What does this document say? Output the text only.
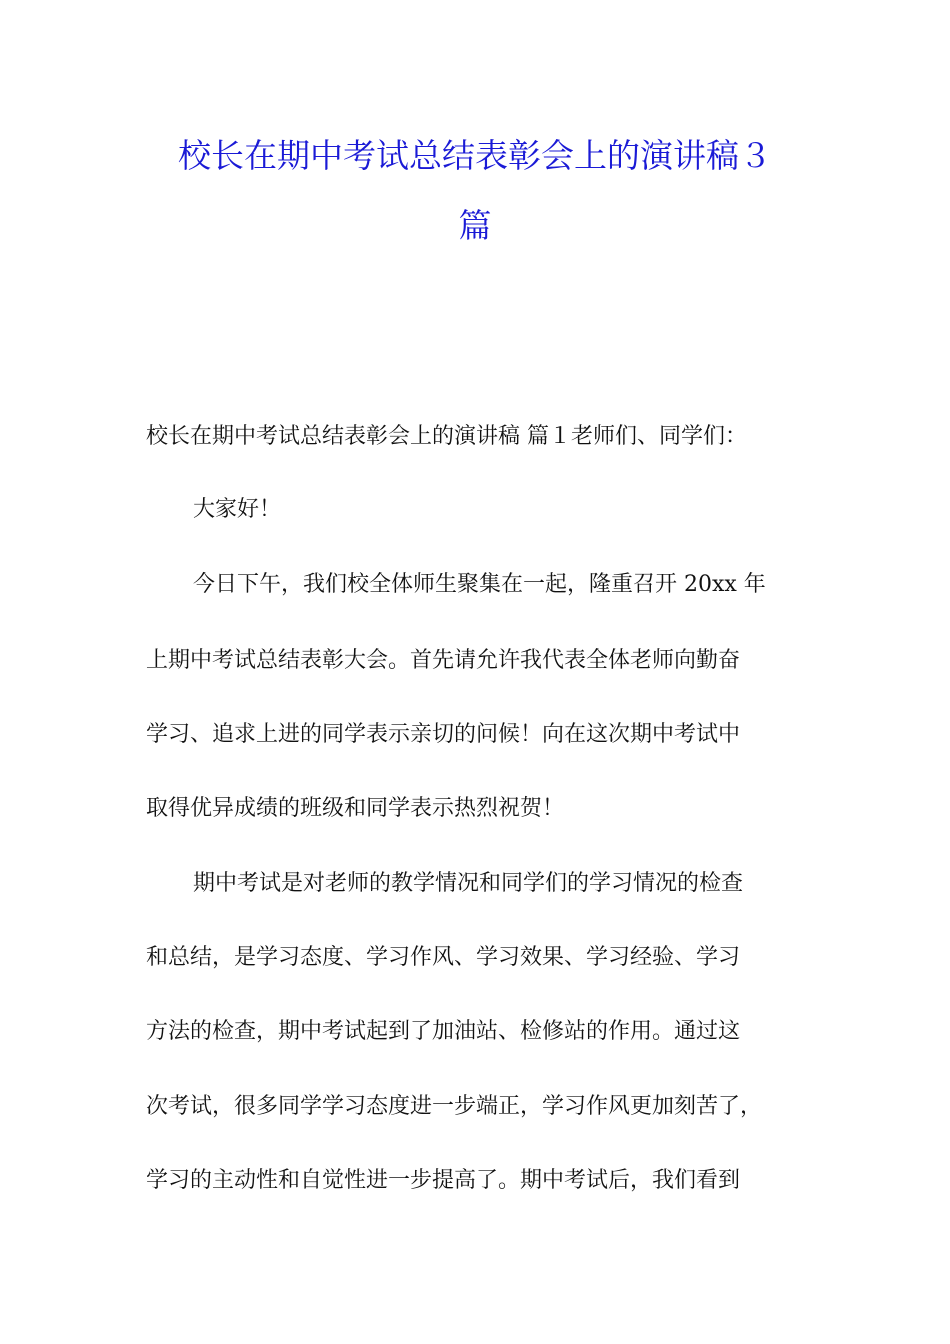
校长在期中考试总结表彰会上的演讲稿３
篇

校长在期中考试总结表彰会上的演讲稿 篇１老师们、同学们：

大家好！

今日下午，我们校全体师生聚集在一起，隆重召开 20xx 年

上期中考试总结表彰大会。首先请允许我代表全体老师向勤奋

学习、追求上进的同学表示亲切的问候！向在这次期中考试中

取得优异成绩的班级和同学表示热烈祝贺！

期中考试是对老师的教学情况和同学们的学习情况的检查

和总结，是学习态度、学习作风、学习效果、学习经验、学习

方法的检查，期中考试起到了加油站、检修站的作用。通过这

次考试，很多同学学习态度进一步端正，学习作风更加刻苦了，

学习的主动性和自觉性进一步提高了。期中考试后，我们看到
